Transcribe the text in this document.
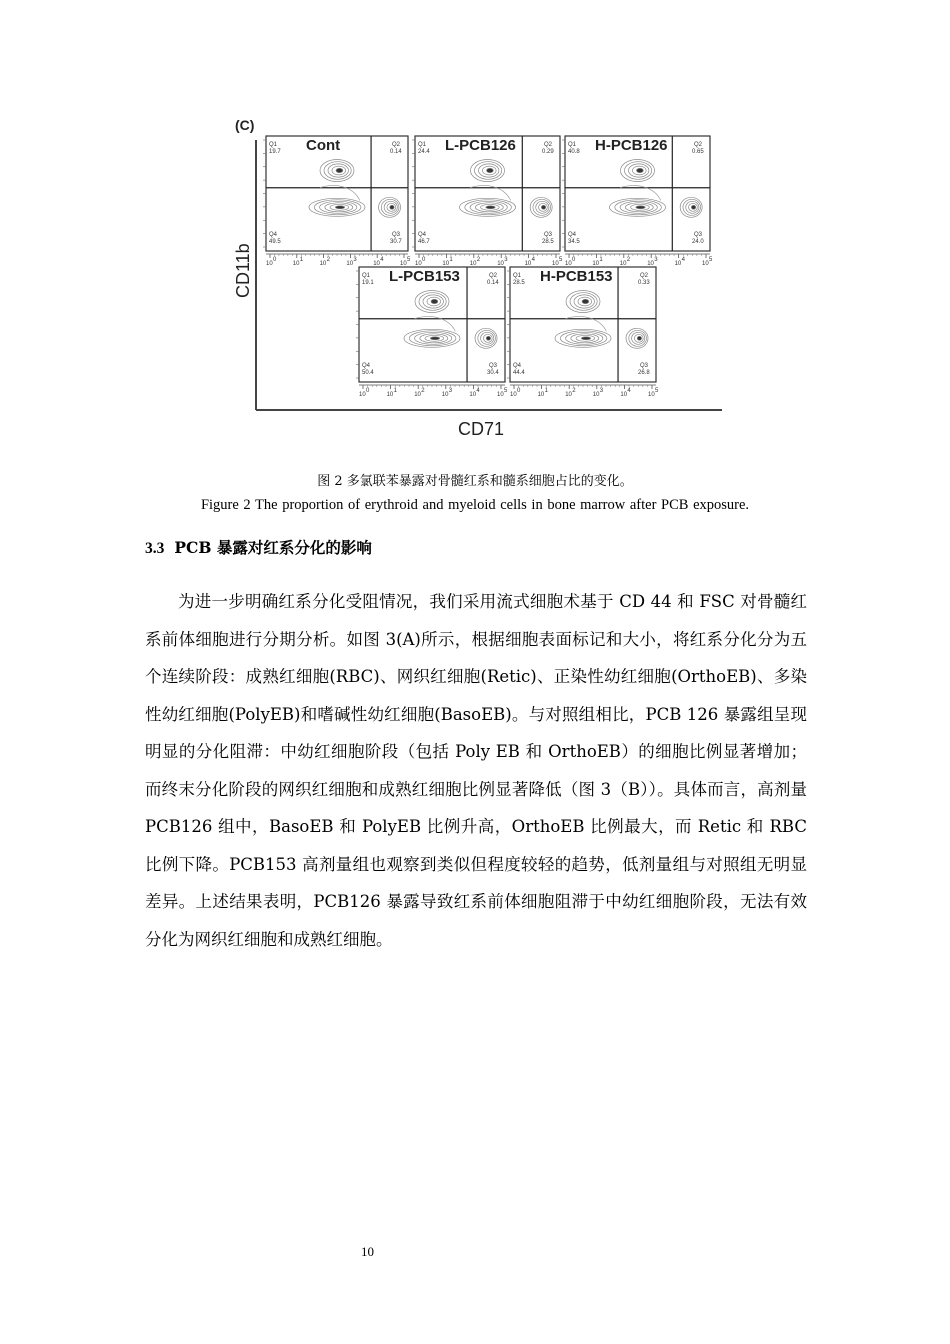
(C)
CD11b
CD71
Cont
Q1
19.7
Q2
0.14
Q4
49.5
Q3
30.7
10
0
10
1
10
2
10
3
10
4
10
5
L-PCB126
Q1
24.4
Q2
0.29
Q4
46.7
Q3
28.5
10
0
10
1
10
2
10
3
10
4
10
5
H-PCB126
Q1
40.8
Q2
0.65
Q4
34.5
Q3
24.0
10
0
10
1
10
2
10
3
10
4
10
5
L-PCB153
Q1
19.1
Q2
0.14
Q4
50.4
Q3
30.4
10
0
10
1
10
2
10
3
10
4
10
5
H-PCB153
Q1
28.5
Q2
0.33
Q4
44.4
Q3
26.8
10
0
10
1
10
2
10
3
10
4
10
5
图 2 多氯联苯暴露对骨髓红系和髓系细胞占比的变化。
Figure 2 The proportion of erythroid and myeloid cells in bone marrow after PCB exposure.
3.3 PCB 暴露对红系分化的影响

为进一步明确红系分化受阻情况，我们采用流式细胞术基于 CD 44 和 FSC 对骨髓红系前体细胞进行分期分析。如图 3(A)所示，根据细胞表面标记和大小，将红系分化分为五个连续阶段：成熟红细胞(RBC)、网织红细胞(Retic)、正染性幼红细胞(OrthoEB)、多染性幼红细胞(PolyEB)和嗜碱性幼红细胞(BasoEB)。与对照组相比，PCB 126 暴露组呈现明显的分化阻滞：中幼红细胞阶段（包括 Poly EB 和 OrthoEB）的细胞比例显著增加；而终末分化阶段的网织红细胞和成熟红细胞比例显著降低（图 3（B））。具体而言，高剂量 PCB126 组中，BasoEB 和 PolyEB 比例升高，OrthoEB 比例最大，而 Retic 和 RBC 比例下降。PCB153 高剂量组也观察到类似但程度较轻的趋势，低剂量组与对照组无明显差异。上述结果表明，PCB126 暴露导致红系前体细胞阻滞于中幼红细胞阶段，无法有效分化为网织红细胞和成熟红细胞。

10
